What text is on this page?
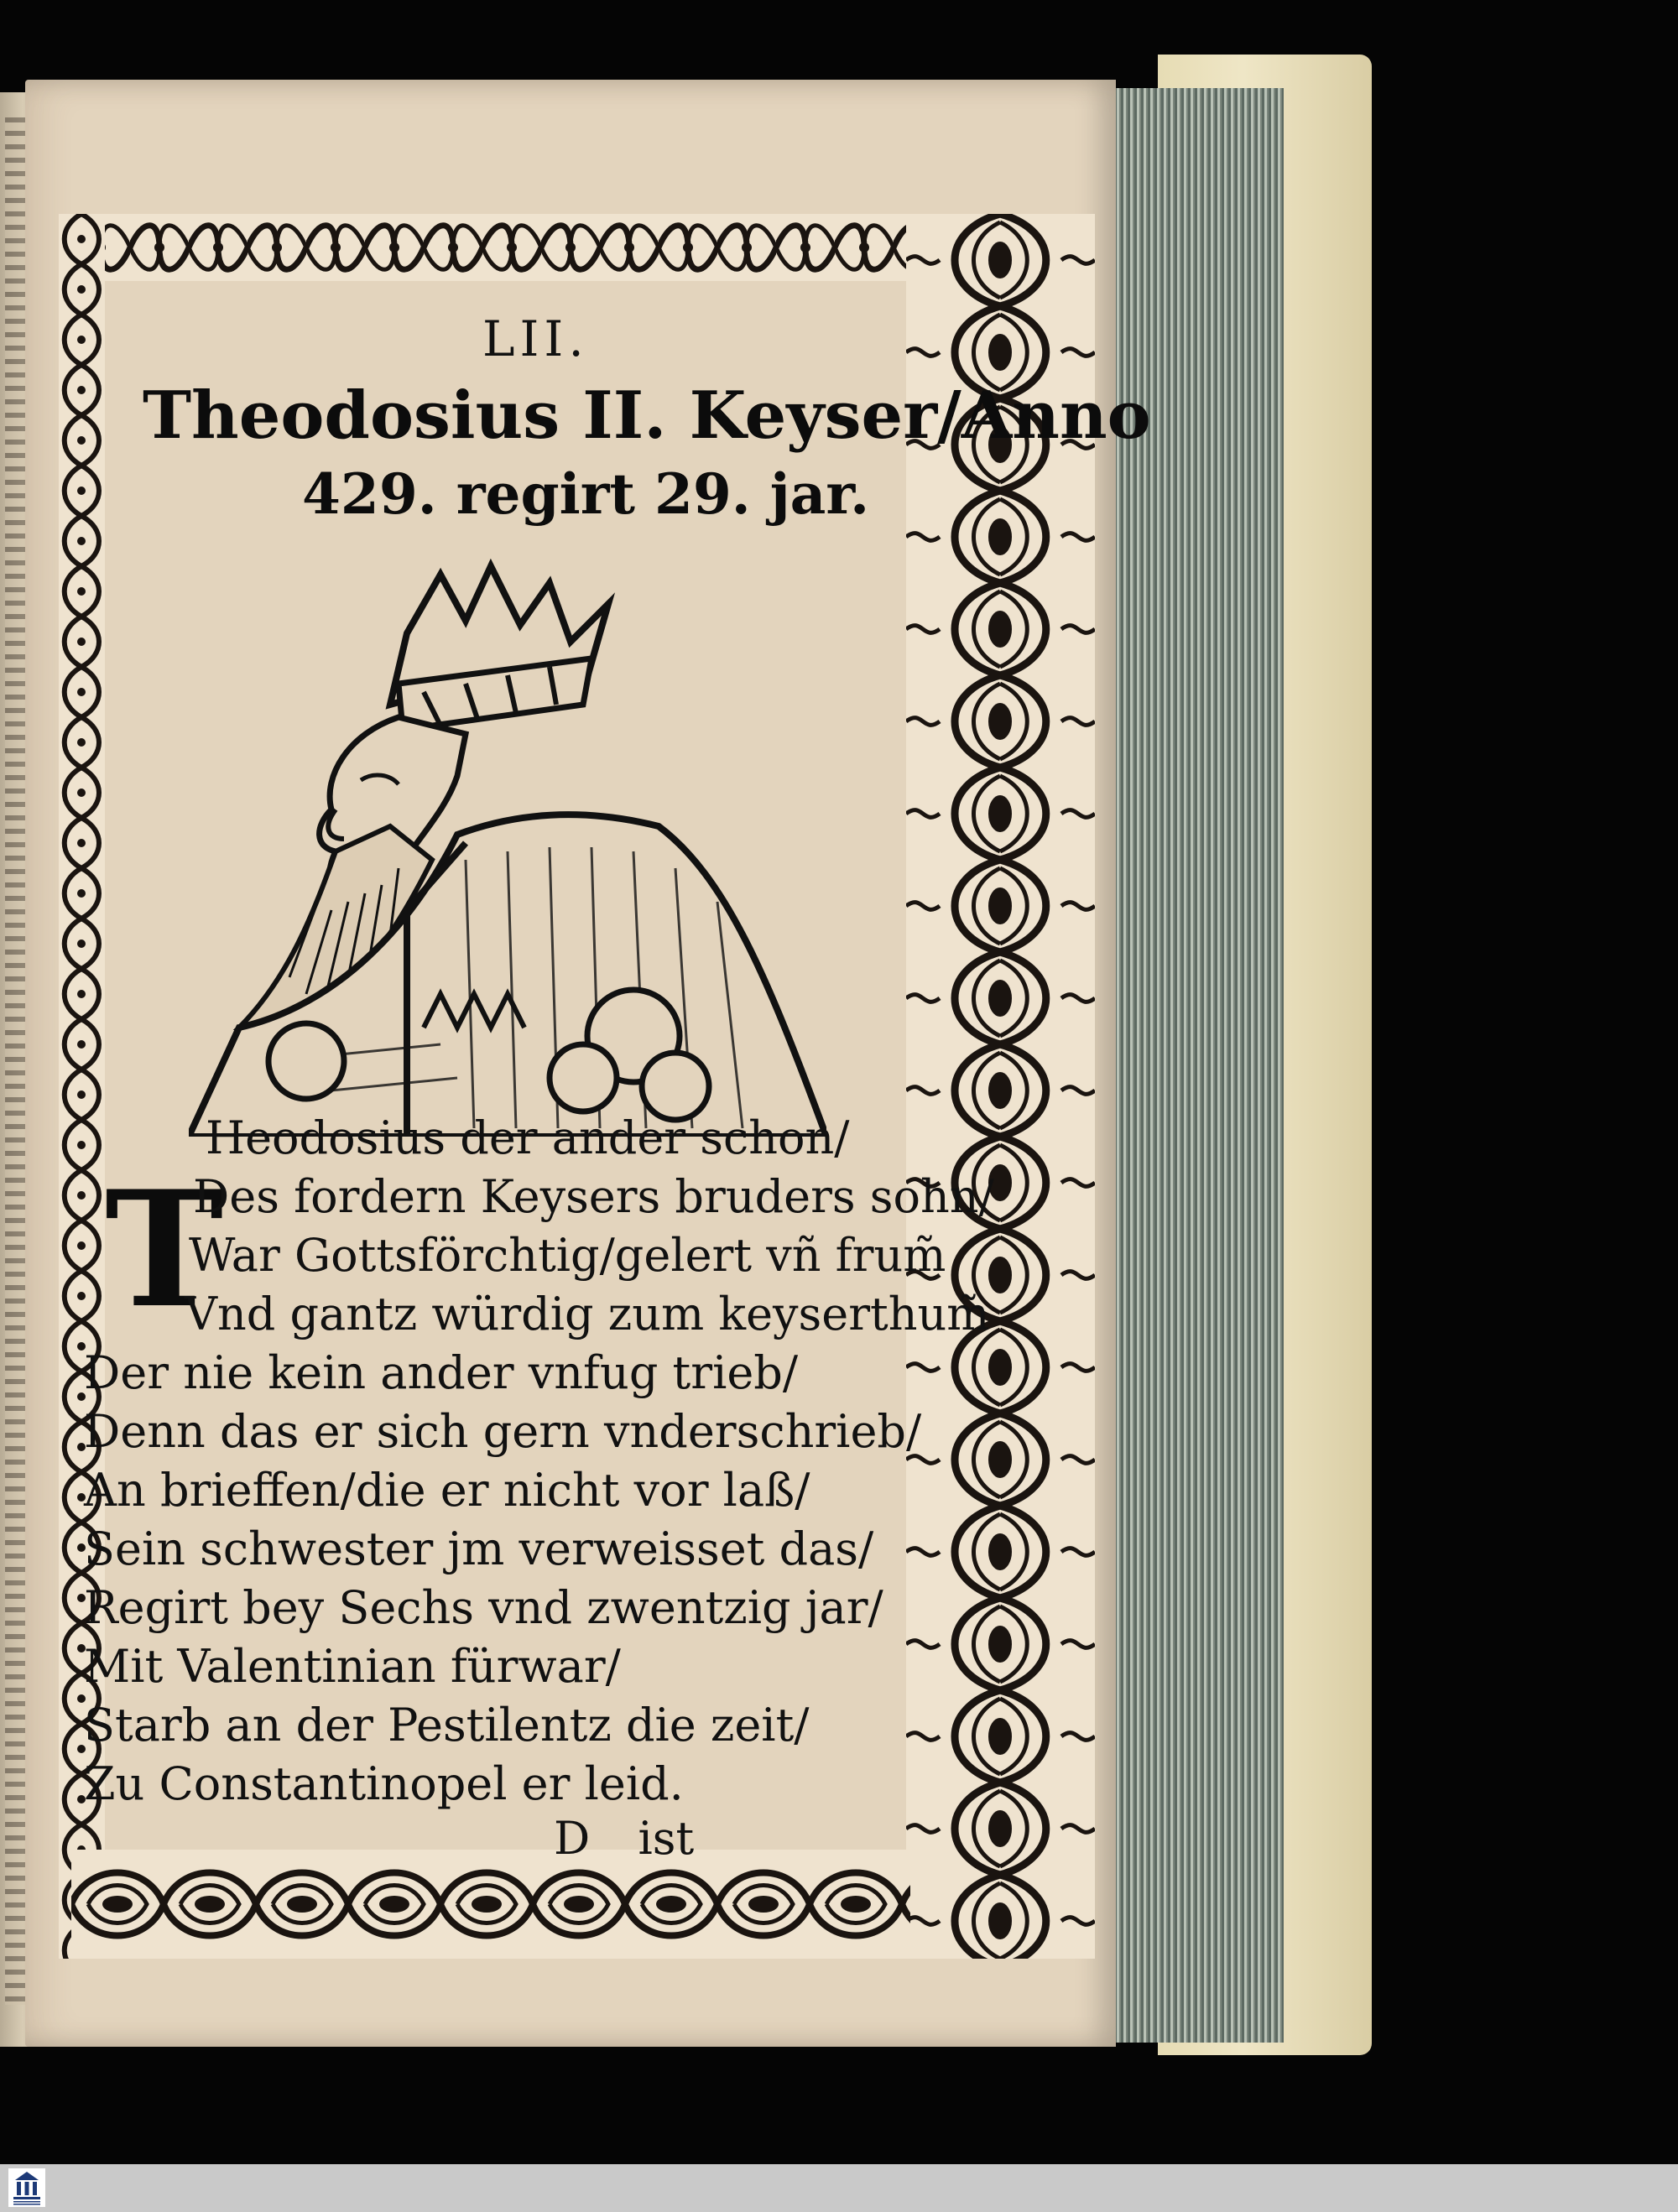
LII.
Theodosius II. Keyser/Anno
429. regirt 29. jar.
T
Heodosius der ander schon/
Des fordern Keysers bruders sohn/
War Gottsförchtig/gelert vñ frum̃
Vnd gantz würdig zum keyserthum̃
Der nie kein ander vnfug trieb/
Denn das er sich gern vnderschrieb/
An brieffen/die er nicht vor laß/
Sein schwester jm verweisset das/
Regirt bey Sechs vnd zwentzig jar/
Mit Valentinian fürwar/
Starb an der Pestilentz die zeit/
Zu Constantinopel er leid.
D ist
